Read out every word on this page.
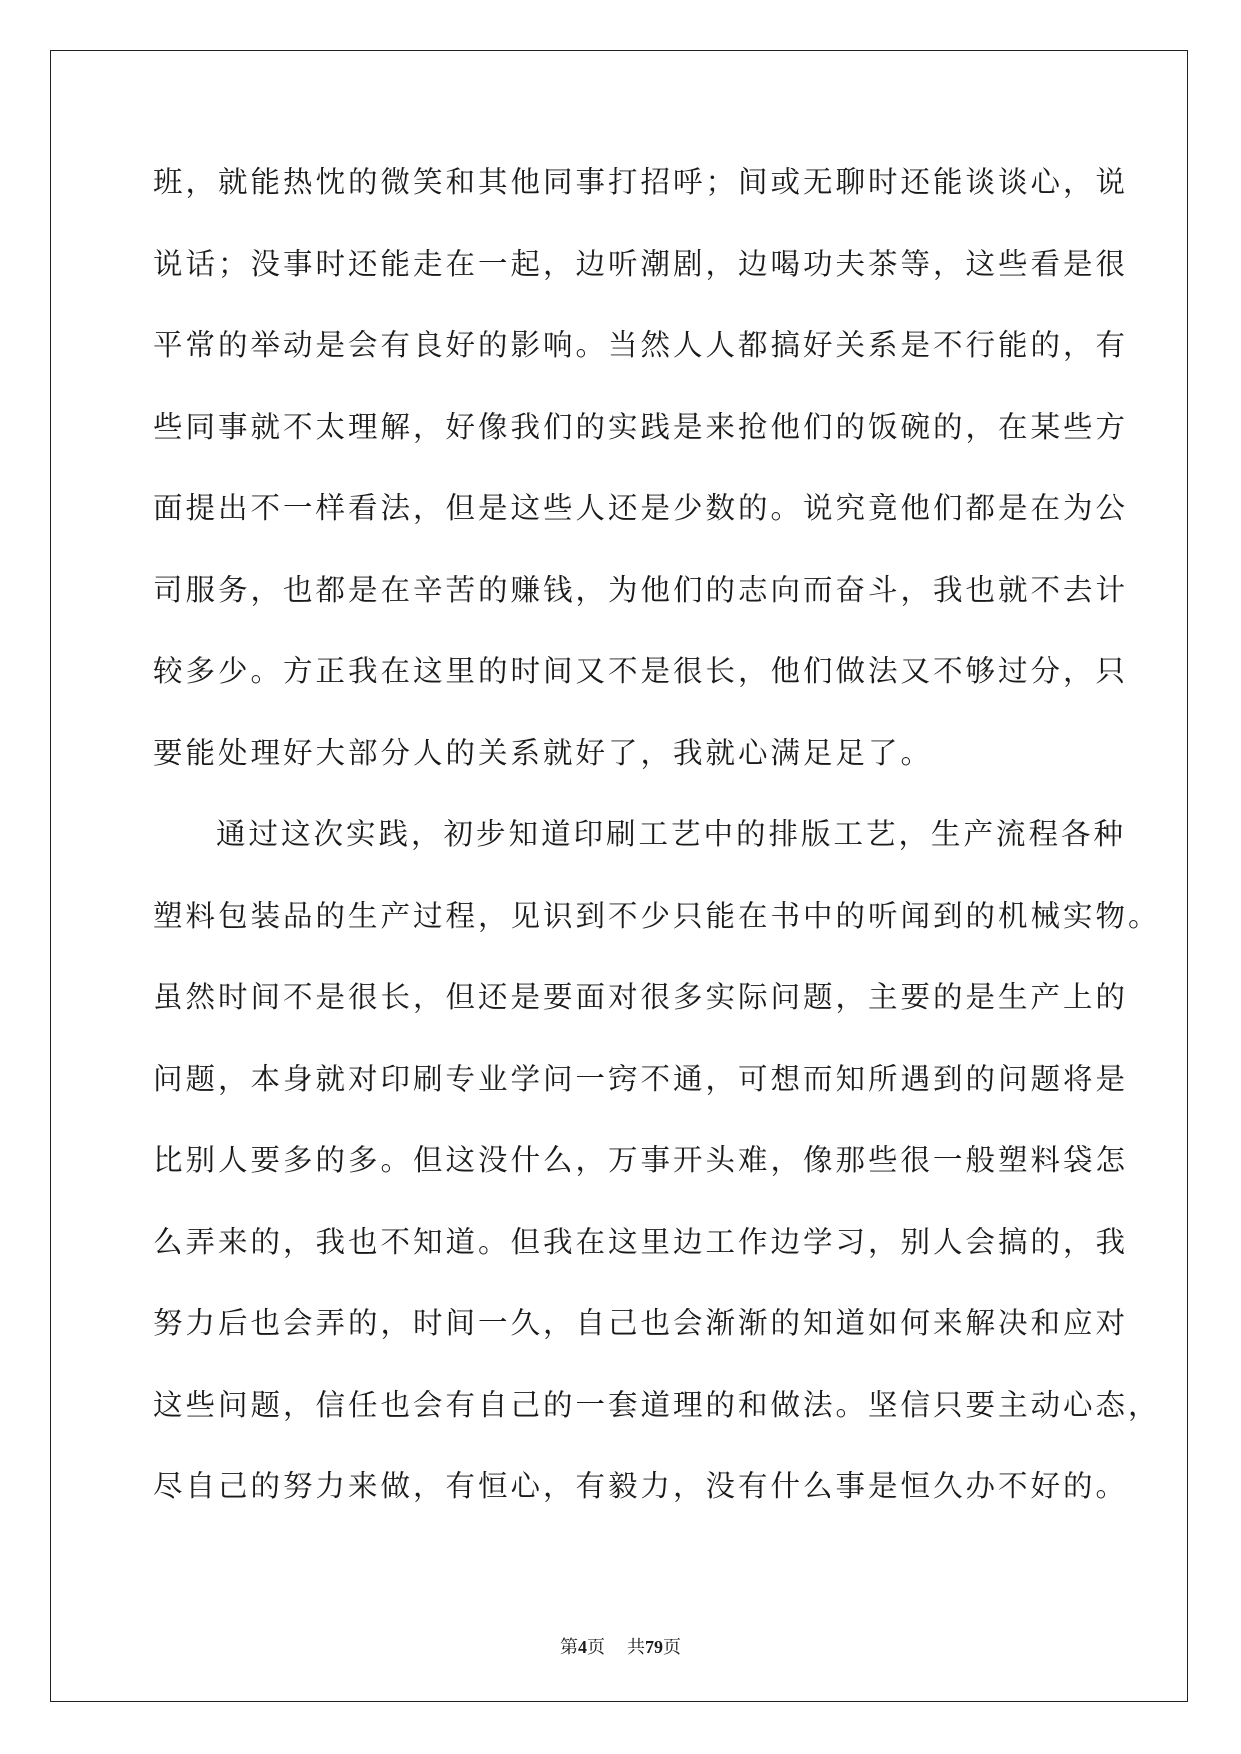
班，就能热忱的微笑和其他同事打招呼；间或无聊时还能谈谈心，说
说话；没事时还能走在一起，边听潮剧，边喝功夫茶等，这些看是很
平常的举动是会有良好的影响。当然人人都搞好关系是不行能的，有
些同事就不太理解，好像我们的实践是来抢他们的饭碗的，在某些方
面提出不一样看法，但是这些人还是少数的。说究竟他们都是在为公
司服务，也都是在辛苦的赚钱，为他们的志向而奋斗，我也就不去计
较多少。方正我在这里的时间又不是很长，他们做法又不够过分，只
要能处理好大部分人的关系就好了，我就心满足足了。
通过这次实践，初步知道印刷工艺中的排版工艺，生产流程各种
塑料包装品的生产过程，见识到不少只能在书中的听闻到的机械实物。
虽然时间不是很长，但还是要面对很多实际问题，主要的是生产上的
问题，本身就对印刷专业学问一窍不通，可想而知所遇到的问题将是
比别人要多的多。但这没什么，万事开头难，像那些很一般塑料袋怎
么弄来的，我也不知道。但我在这里边工作边学习，别人会搞的，我
努力后也会弄的，时间一久，自己也会渐渐的知道如何来解决和应对
这些问题，信任也会有自己的一套道理的和做法。坚信只要主动心态，
尽自己的努力来做，有恒心，有毅力，没有什么事是恒久办不好的。
第4页 共79页
